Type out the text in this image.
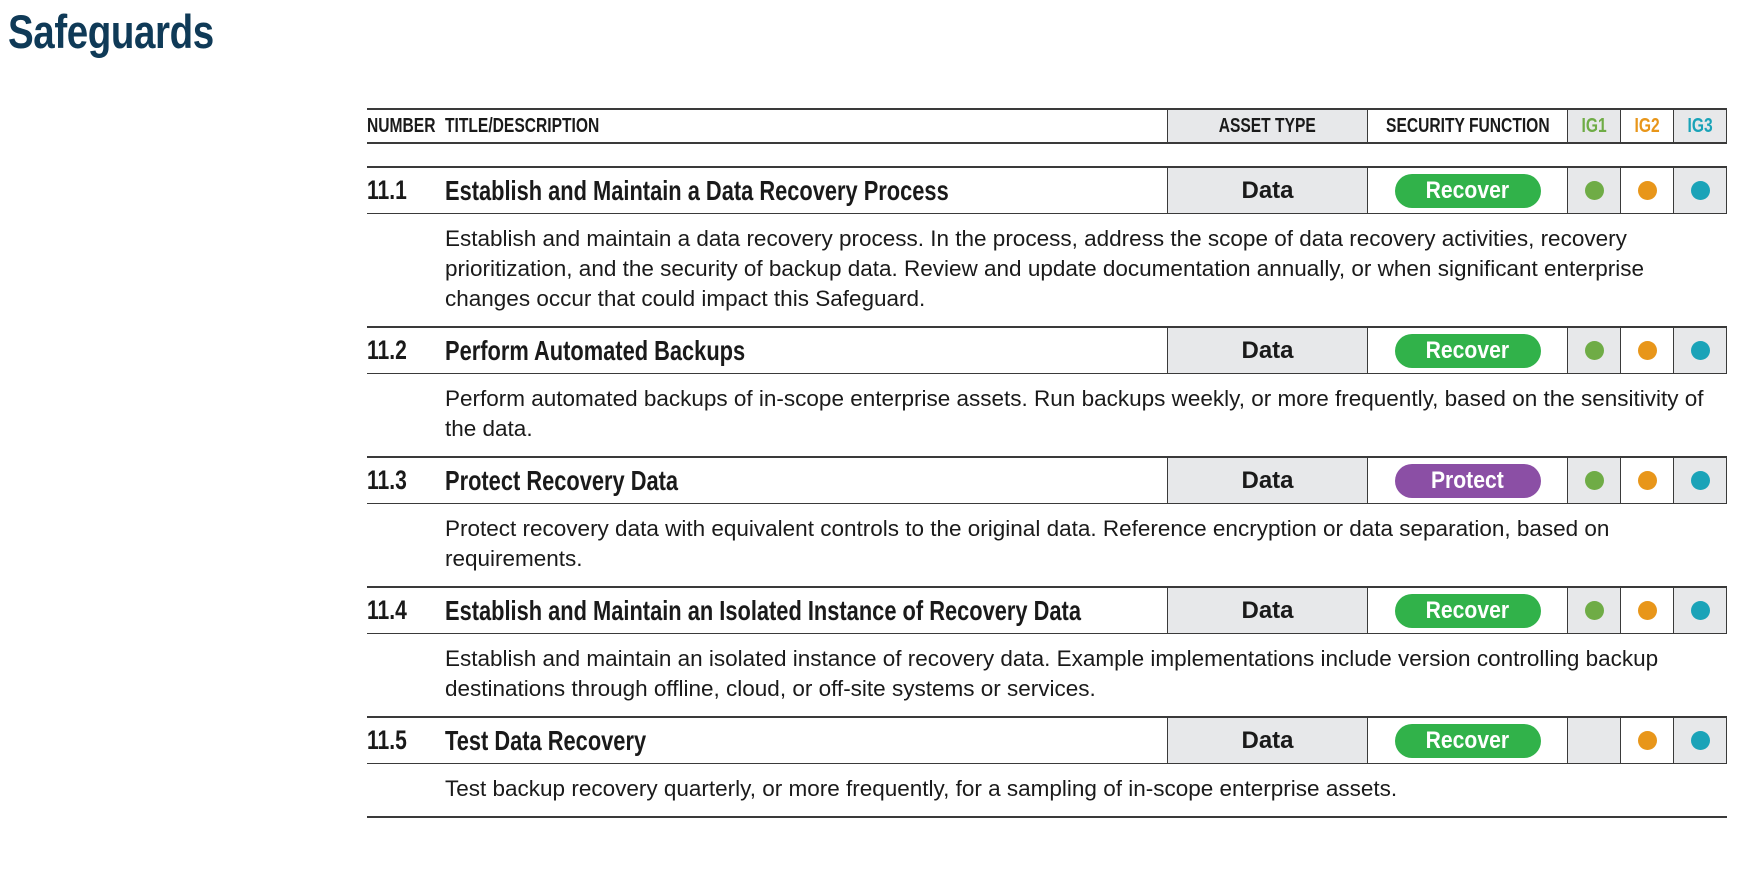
Safeguards
NUMBER TITLE/DESCRIPTION	ASSET TYPE	SECURITY FUNCTION IG1 IG2 IG3
11.1 Establish and Maintain a Data Recovery Process	Data	Recover

Establish and maintain a data recovery process. In the process, address the scope of data recovery activities, recovery prioritization, and the security of backup data. Review and update documentation annually, or when significant enterprise changes occur that could impact this Safeguard.

11.2 Perform Automated Backups	Data	Recover

Perform automated backups of in-scope enterprise assets. Run backups weekly, or more frequently, based on the sensitivity of the data.

11.3 Protect Recovery Data	Data	Protect

Protect recovery data with equivalent controls to the original data. Reference encryption or data separation, based on requirements.

11.4 Establish and Maintain an Isolated Instance of Recovery Data	Data	Recover

Establish and maintain an isolated instance of recovery data. Example implementations include version controlling backup destinations through offline, cloud, or off-site systems or services.

11.5 Test Data Recovery	Data	Recover

Test backup recovery quarterly, or more frequently, for a sampling of in-scope enterprise assets.
